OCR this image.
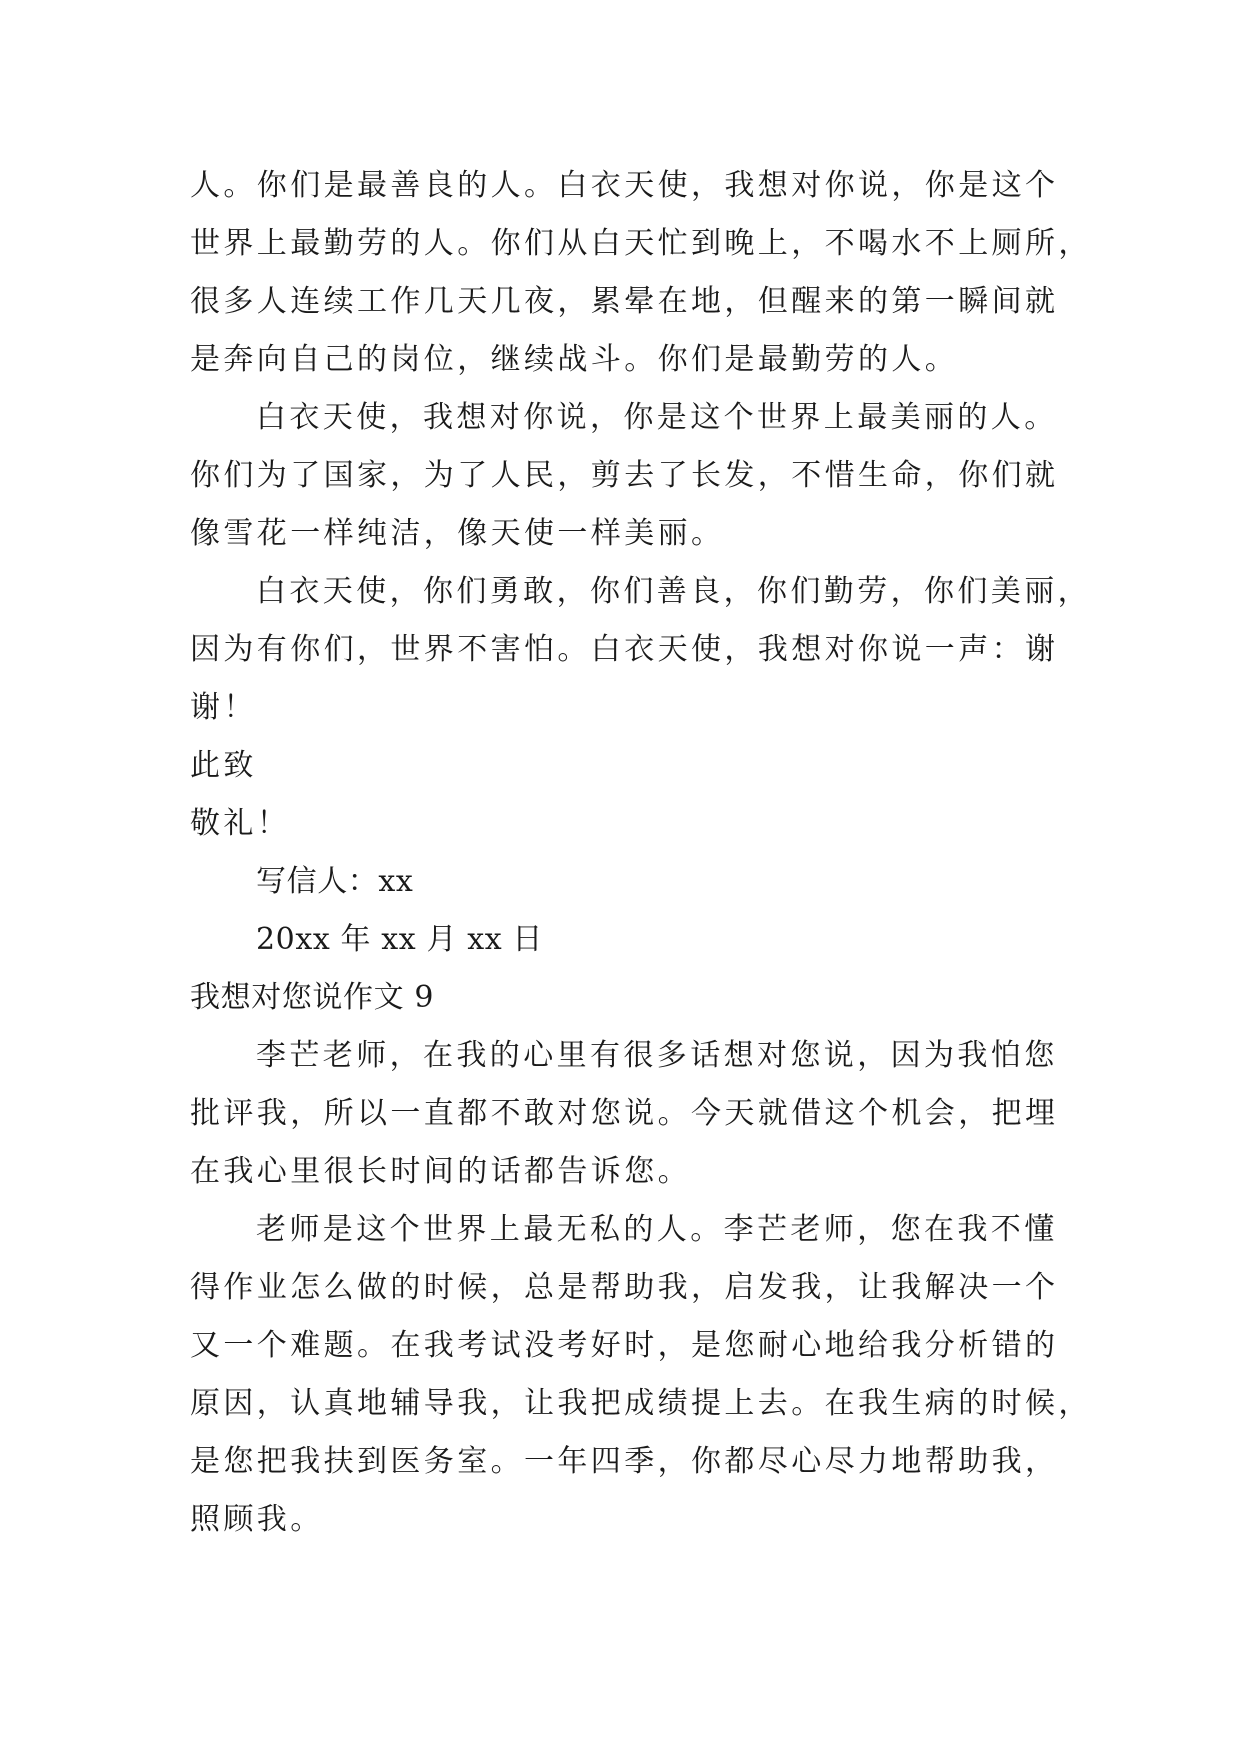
人。你们是最善良的人。白衣天使，我想对你说，你是这个
世界上最勤劳的人。你们从白天忙到晚上，不喝水不上厕所，
很多人连续工作几天几夜，累晕在地，但醒来的第一瞬间就
是奔向自己的岗位，继续战斗。你们是最勤劳的人。
白衣天使，我想对你说，你是这个世界上最美丽的人。
你们为了国家，为了人民，剪去了长发，不惜生命，你们就
像雪花一样纯洁，像天使一样美丽。
白衣天使，你们勇敢，你们善良，你们勤劳，你们美丽，
因为有你们，世界不害怕。白衣天使，我想对你说一声：谢
谢！
此致
敬礼！
写信人：xx
20xx 年 xx 月 xx 日
我想对您说作文 9
李芒老师，在我的心里有很多话想对您说，因为我怕您
批评我，所以一直都不敢对您说。今天就借这个机会，把埋
在我心里很长时间的话都告诉您。
老师是这个世界上最无私的人。李芒老师，您在我不懂
得作业怎么做的时候，总是帮助我，启发我，让我解决一个
又一个难题。在我考试没考好时，是您耐心地给我分析错的
原因，认真地辅导我，让我把成绩提上去。在我生病的时候，
是您把我扶到医务室。一年四季，你都尽心尽力地帮助我，
照顾我。
